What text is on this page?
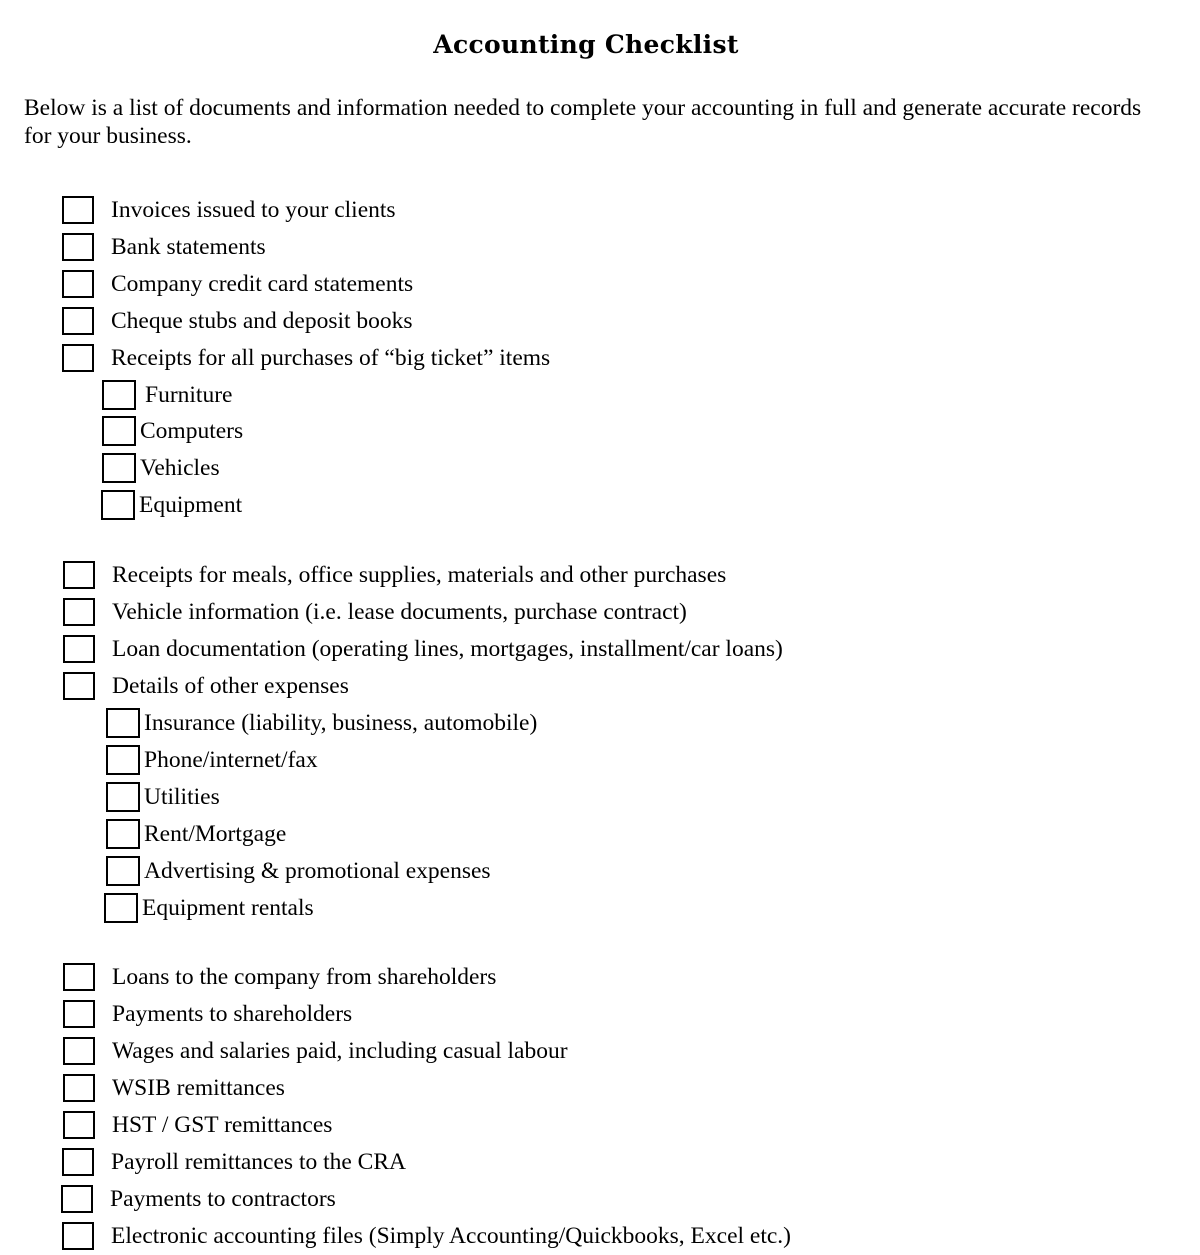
Accounting Checklist
Below is a list of documents and information needed to complete your accounting in full and generate accurate records for your business.
Invoices issued to your clients
Bank statements
Company credit card statements
Cheque stubs and deposit books
Receipts for all purchases of “big ticket” items
Furniture
Computers
Vehicles
Equipment
Receipts for meals, office supplies, materials and other purchases
Vehicle information (i.e. lease documents, purchase contract)
Loan documentation (operating lines, mortgages, installment/car loans)
Details of other expenses
Insurance (liability, business, automobile)
Phone/internet/fax
Utilities
Rent/Mortgage
Advertising & promotional expenses
Equipment rentals
Loans to the company from shareholders
Payments to shareholders
Wages and salaries paid, including casual labour
WSIB remittances
HST / GST remittances
Payroll remittances to the CRA
Payments to contractors
Electronic accounting files (Simply Accounting/Quickbooks, Excel etc.)
